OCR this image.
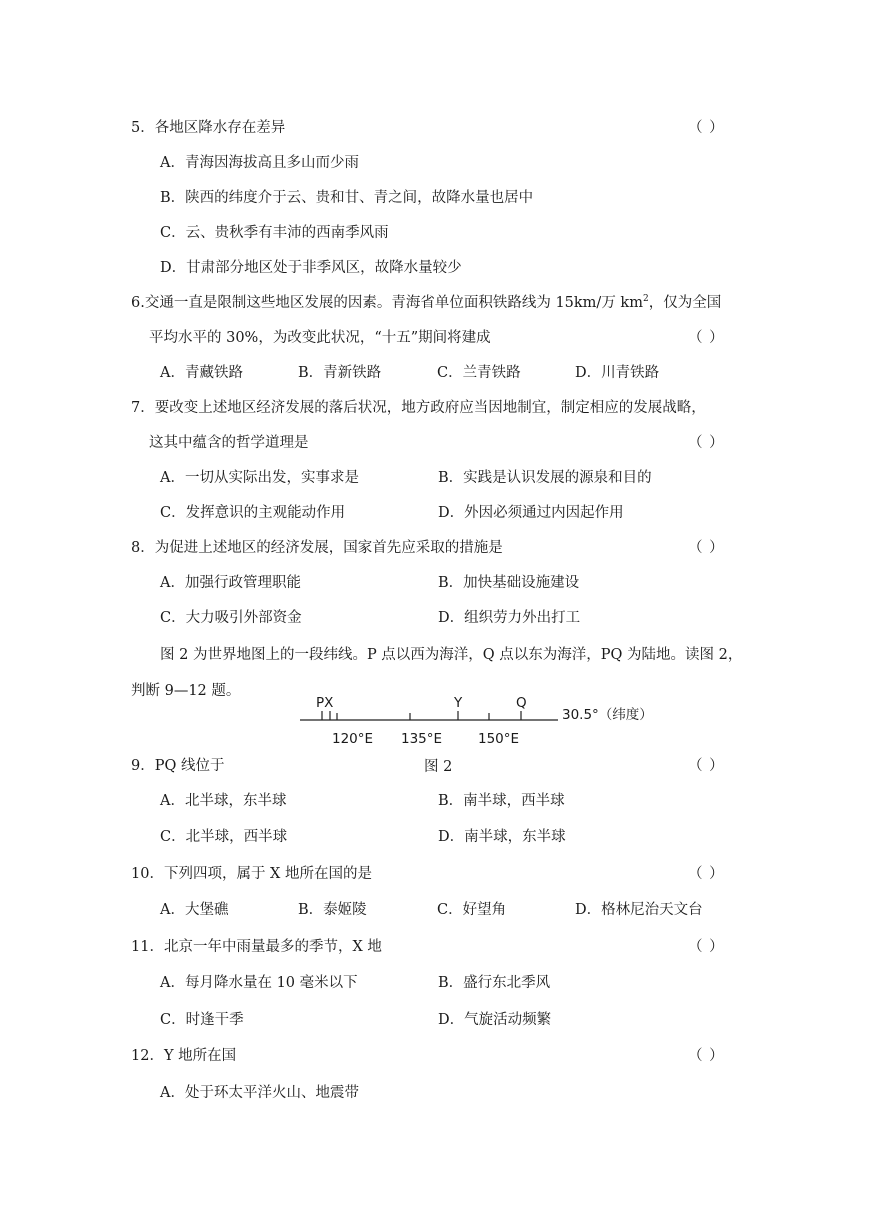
5．各地区降水存在差异	（ ）
A．青海因海拔高且多山而少雨
B．陕西的纬度介于云、贵和甘、青之间，故降水量也居中
C．云、贵秋季有丰沛的西南季风雨
D．甘肃部分地区处于非季风区，故降水量较少
6.交通一直是限制这些地区发展的因素。青海省单位面积铁路线为 15km/万 $km^2$，仅为全国
平均水平的 30%，为改变此状况，“十五”期间将建成	（ ）
A．青藏铁路	B．青新铁路	C．兰青铁路	D．川青铁路
7．要改变上述地区经济发展的落后状况，地方政府应当因地制宜，制定相应的发展战略，
这其中蕴含的哲学道理是	（ ）
A．一切从实际出发，实事求是	B．实践是认识发展的源泉和目的
C．发挥意识的主观能动作用	D．外因必须通过内因起作用
8．为促进上述地区的经济发展，国家首先应采取的措施是	（ ）
A．加强行政管理职能	B．加快基础设施建设
C．大力吸引外部资金	D．组织劳力外出打工
图 2 为世界地图上的一段纬线。P 点以西为海洋，Q 点以东为海洋，PQ 为陆地。读图 2，
判断 9—12 题。
PX	Y	Q
30.5°（纬度）
120°E 135°E	150°E
9．PQ 线位于	图 2	（ ）
A．北半球，东半球	B．南半球，西半球
C．北半球，西半球	D．南半球，东半球
10．下列四项，属于 X 地所在国的是	（ ）
A．大堡礁	B．泰姬陵	C．好望角	D．格林尼治天文台
11．北京一年中雨量最多的季节，X 地	（ ）
A．每月降水量在 10 毫米以下	B．盛行东北季风
C．时逢干季	D．气旋活动频繁
12．Y 地所在国	（ ）
A．处于环太平洋火山、地震带
